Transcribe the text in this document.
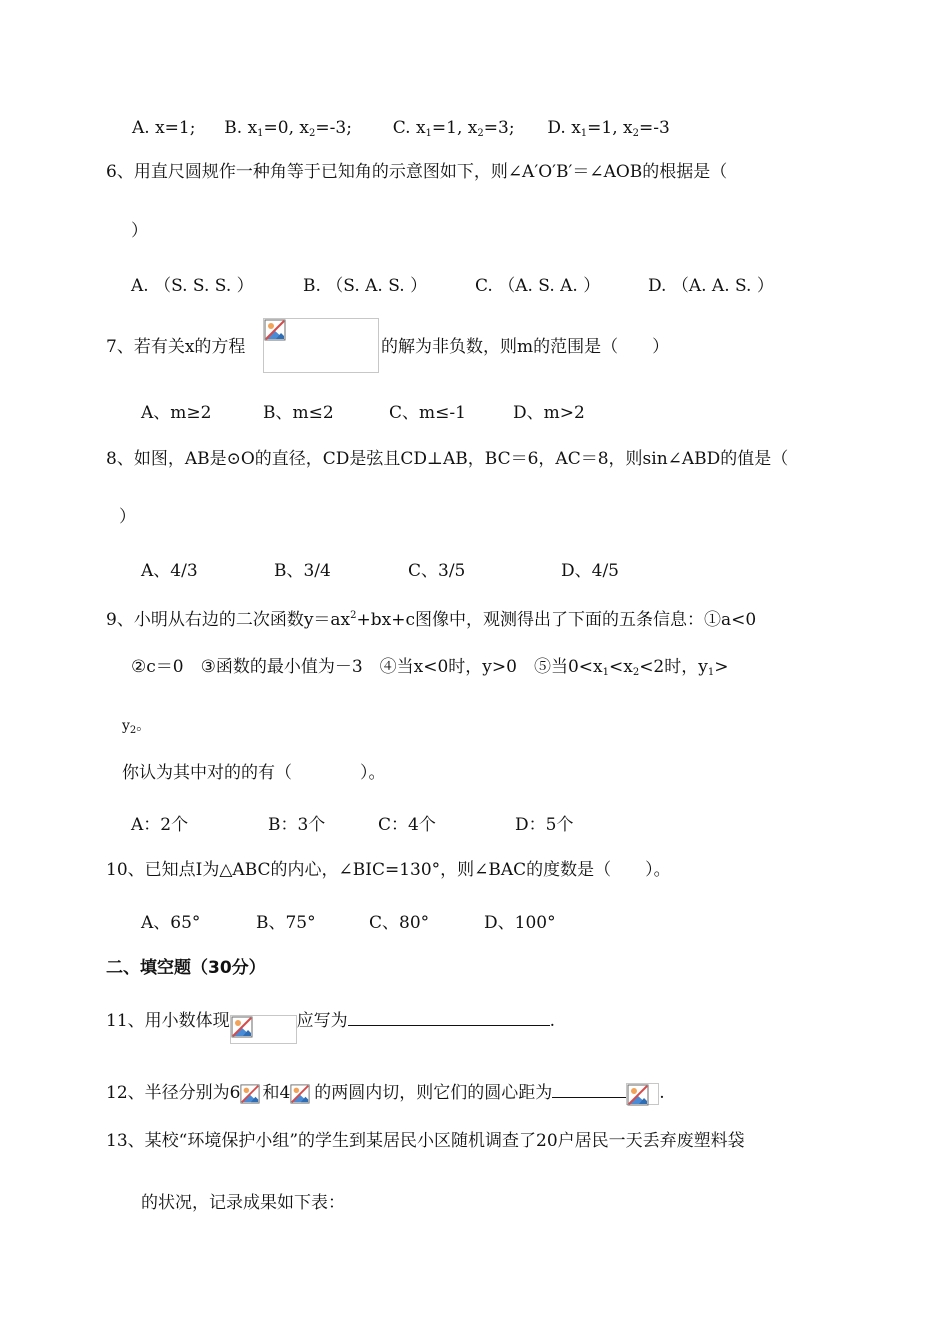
A. x=1; B. $x_1=0$, $x_2=-3$; C. $x_1=1$, $x_2=3$; D. $x_1=1$, $x_2=-3$
6、用直尺圆规作一种角等于已知角的示意图如下，则∠A′O′B′＝∠AOB的根据是（
）
A. （S. S. S. ）	B. （S. A. S. ）	C. （A. S. A. ）	D. （A. A. S. ）
7、若有关x的方程	的解为非负数，则m的范围是（　　）
A、m≥2	B、m≤2	C、m≤-1	D、m>2
8、如图，AB是⊙O的直径，CD是弦且CD⊥AB，BC＝6，AC＝8，则sin∠ABD的值是（
）
A、4/3	B、3/4	C、3/5	D、4/5
9、小明从右边的二次函数$y=ax^2+bx+c$图像中，观测得出了下面的五条信息：①a<0
②c＝0　③函数的最小值为－3　④当x<0时，y>0　⑤当$0<x_1<x_2<2$时，$y_1>$
$y_2$。
你认为其中对的的有（　　　　）。
A：2个	B：3个	C：4个	D：5个
10、已知点I为△ABC的内心，∠BIC=130°，则∠BAC的度数是（　　）。
A、65°	B、75°	C、80°	D、100°
二、填空题（30分）
11、用小数体现	应写为	.
12、半径分别为6 和4 的两圆内切，则它们的圆心距为	.
13、某校“环境保护小组”的学生到某居民小区随机调查了20户居民一天丢弃废塑料袋
的状况，记录成果如下表：
